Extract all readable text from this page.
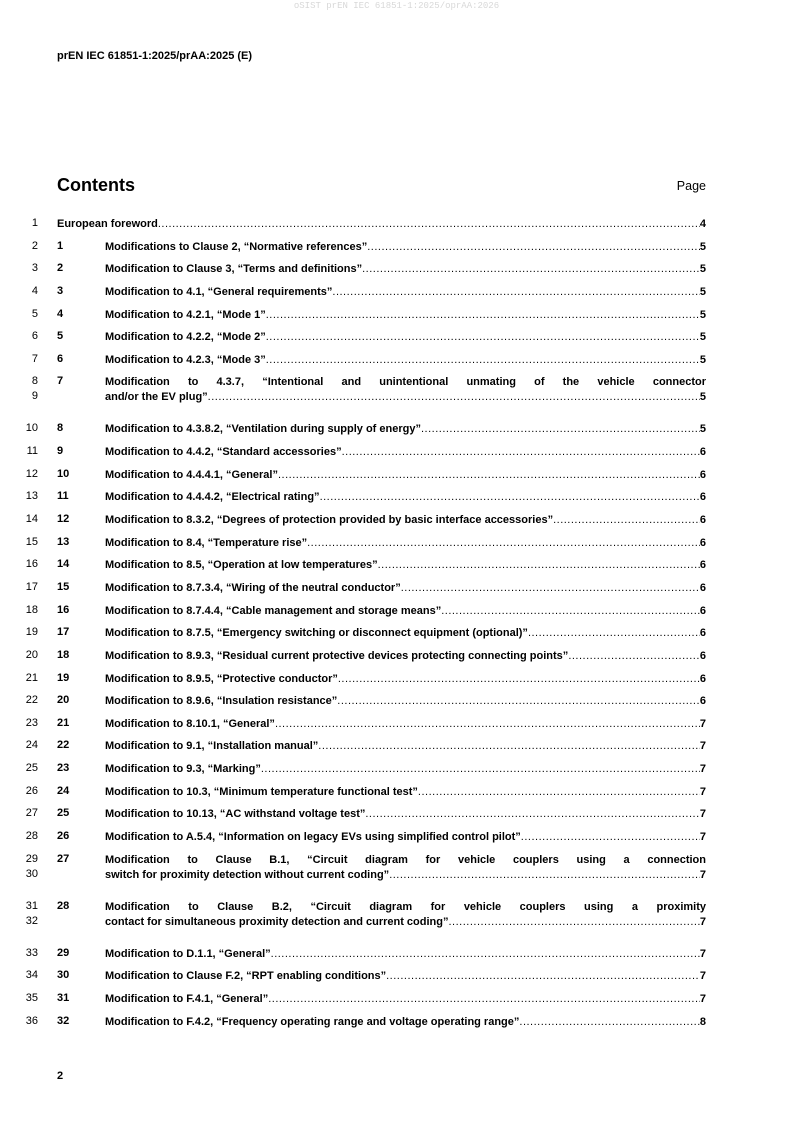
oSIST prEN IEC 61851-1:2025/oprAA:2026
prEN IEC 61851-1:2025/prAA:2025 (E)
Contents	Page
1 European foreword .....	4
2 1	Modifications to Clause 2, “Normative references” .....	5
3 2	Modification to Clause 3, “Terms and definitions” .....	5
4 3	Modification to 4.1, “General requirements” .....	5
5 4	Modification to 4.2.1, “Mode 1” .....	5
6 5	Modification to 4.2.2, “Mode 2” .....	5
7 6	Modification to 4.2.3, “Mode 3” .....	5
8
9
7	Modification to 4.3.7, “Intentional and unintentional unmating of the vehicle connector
and/or the EV plug” .....	5
10 8	Modification to 4.3.8.2, “Ventilation during supply of energy” .....	5
11 9	Modification to 4.4.2, “Standard accessories” .....	6
12 10	Modification to 4.4.4.1, “General” .....	6
13 11	Modification to 4.4.4.2, “Electrical rating” .....	6
14 12	Modification to 8.3.2, “Degrees of protection provided by basic interface accessories” .....	6
15 13	Modification to 8.4, “Temperature rise” .....	6
16 14	Modification to 8.5, “Operation at low temperatures” .....	6
17 15	Modification to 8.7.3.4, “Wiring of the neutral conductor” .....	6
18 16	Modification to 8.7.4.4, “Cable management and storage means” .....	6
19 17	Modification to 8.7.5, “Emergency switching or disconnect equipment (optional)” .....	6
20 18	Modification to 8.9.3, “Residual current protective devices protecting connecting points” .....	6
21 19	Modification to 8.9.5, “Protective conductor” .....	6
22 20	Modification to 8.9.6, “Insulation resistance” .....	6
23 21	Modification to 8.10.1, “General” .....	7
24 22	Modification to 9.1, “Installation manual” .....	7
25 23	Modification to 9.3, “Marking” .....	7
26 24	Modification to 10.3, “Minimum temperature functional test” .....	7
27 25	Modification to 10.13, “AC withstand voltage test” .....	7
28 26	Modification to A.5.4, “Information on legacy EVs using simplified control pilot” .....	7
29
30
27	Modification to Clause B.1, “Circuit diagram for vehicle couplers using a connection
switch for proximity detection without current coding” .....	7
31
32
28	Modification to Clause B.2, “Circuit diagram for vehicle couplers using a proximity
contact for simultaneous proximity detection and current coding” .....	7
33 29	Modification to D.1.1, “General” .....	7
34 30	Modification to Clause F.2, “RPT enabling conditions” .....	7
35 31	Modification to F.4.1, “General” .....	7
36 32	Modification to F.4.2, “Frequency operating range and voltage operating range” .....	8
2
